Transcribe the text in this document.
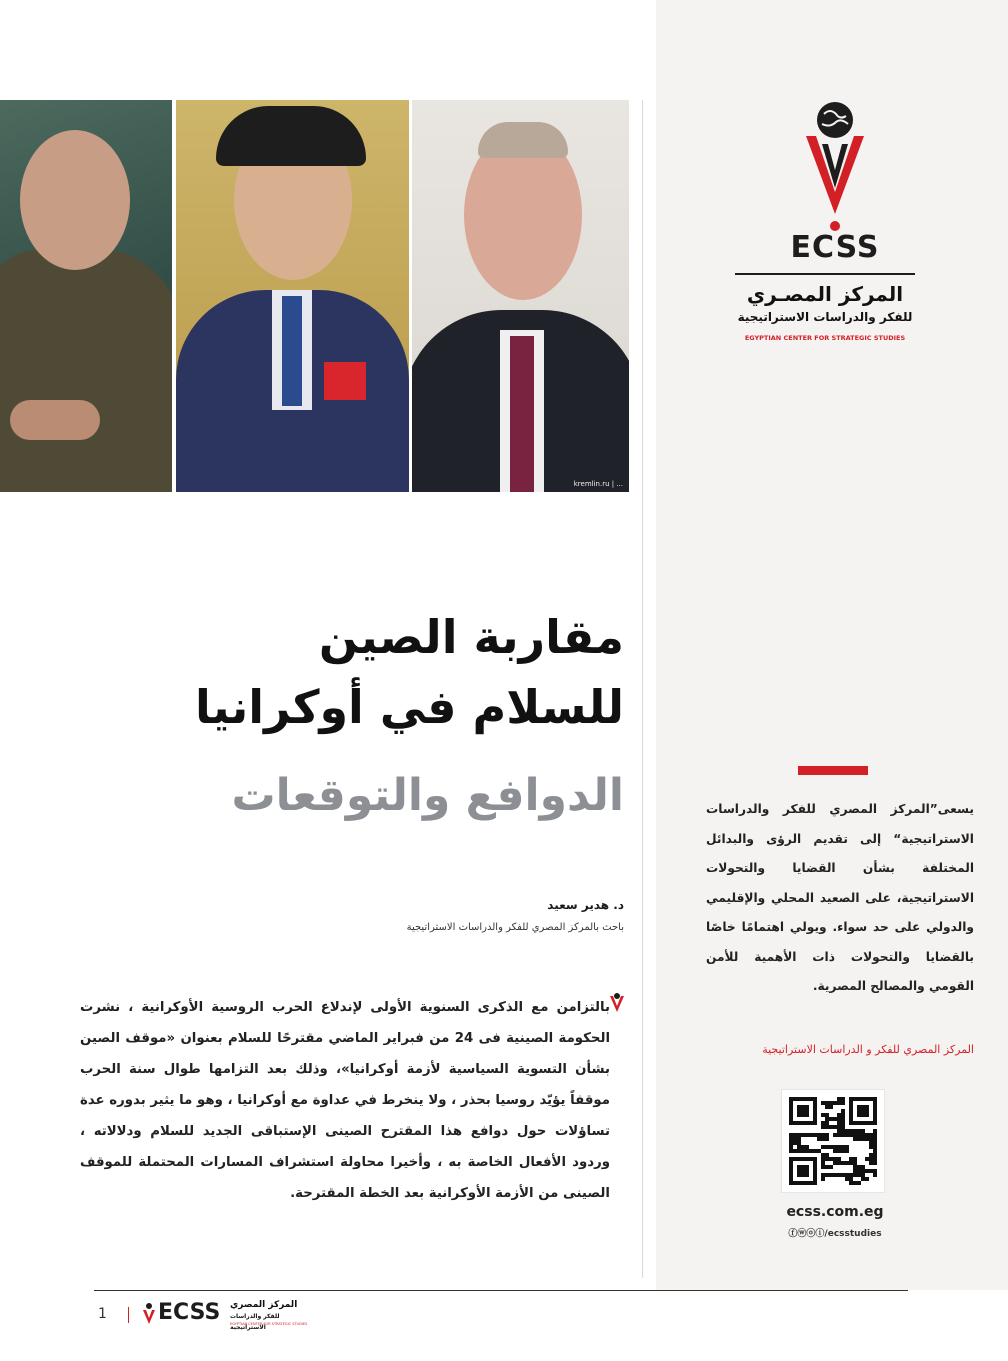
kremlin.ru | ...
مقاربة الصين
للسلام في أوكرانيا
الدوافع والتوقعات
د. هدير سعيد
باحث بالمركز المصري للفكر والدراسات الاستراتيجية
بالتزامن مع الذكرى السنوية الأولى لإندلاع الحرب الروسية الأوكرانية ، نشرت الحكومة الصينية فى 24 من فبراير الماضي مقترحًا للسلام بعنوان «موقف الصين بشأن التسوية السياسية لأزمة أوكرانيا»، وذلك بعد التزامها طوال سنة الحرب موقفاً يؤيّد روسيا بحذر ، ولا ينخرط في عداوة مع أوكرانيا ، وهو ما يثير بدوره عدة تساؤلات حول دوافع هذا المقترح الصينى الإستباقى الجديد للسلام ودلالاته ، وردود الأفعال الخاصة به ، وأخيرا محاولة استشراف المسارات المحتملة للموقف الصينى من الأزمة الأوكرانية بعد الخطة المقترحة.
ECSS
المركز المصـري
للفكر والدراسات الاستراتيجية
EGYPTIAN CENTER FOR STRATEGIC STUDIES
يسعى”المركز المصري للفكر والدراسات الاستراتيجية“ إلى تقديم الرؤى والبدائل المختلفة بشأن القضايا والتحولات الاستراتيجية، على الصعيد المحلي والإقليمي والدولي على حد سواء. ويولي اهتمامًا خاصًا بالقضايا والتحولات ذات الأهمية للأمن القومي والمصالح المصرية.
المركز المصري للفكر و الدراسات الاستراتيجية
ecss.com.eg
ⓕⓦⓞⓘ/ecsstudies
1 ECSS المركز المصري
للفكر والدراسات الاستراتيجية
EGYPTIAN CENTER FOR STRATEGIC STUDIES
